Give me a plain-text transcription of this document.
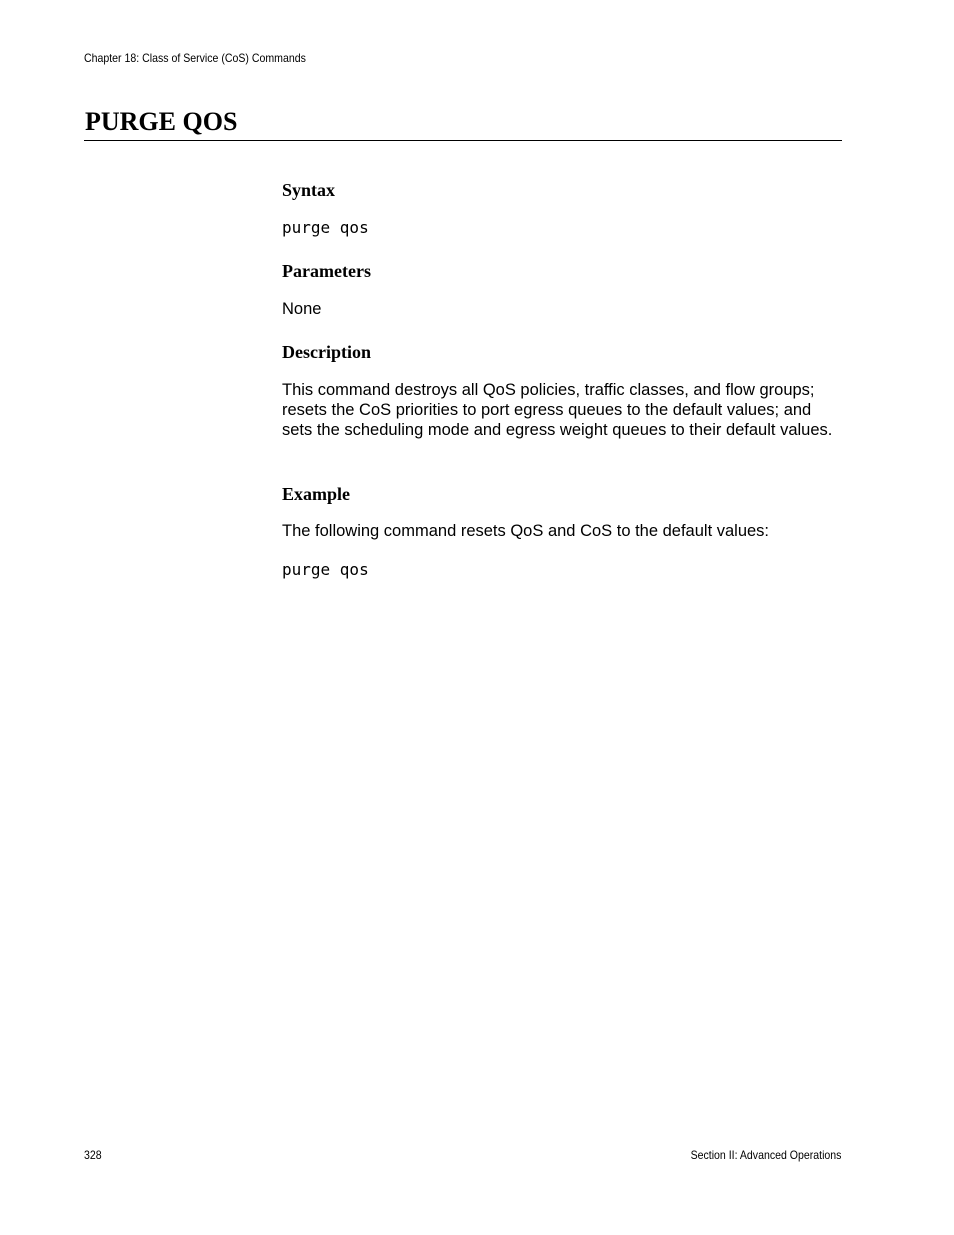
Chapter 18: Class of Service (CoS) Commands
PURGE QOS
Syntax

purge qos

Parameters

None

Description

This command destroys all QoS policies, traffic classes, and flow groups; resets the CoS priorities to port egress queues to the default values; and sets the scheduling mode and egress weight queues to their default values.

Example

The following command resets QoS and CoS to the default values:

purge qos

328	Section II: Advanced Operations
